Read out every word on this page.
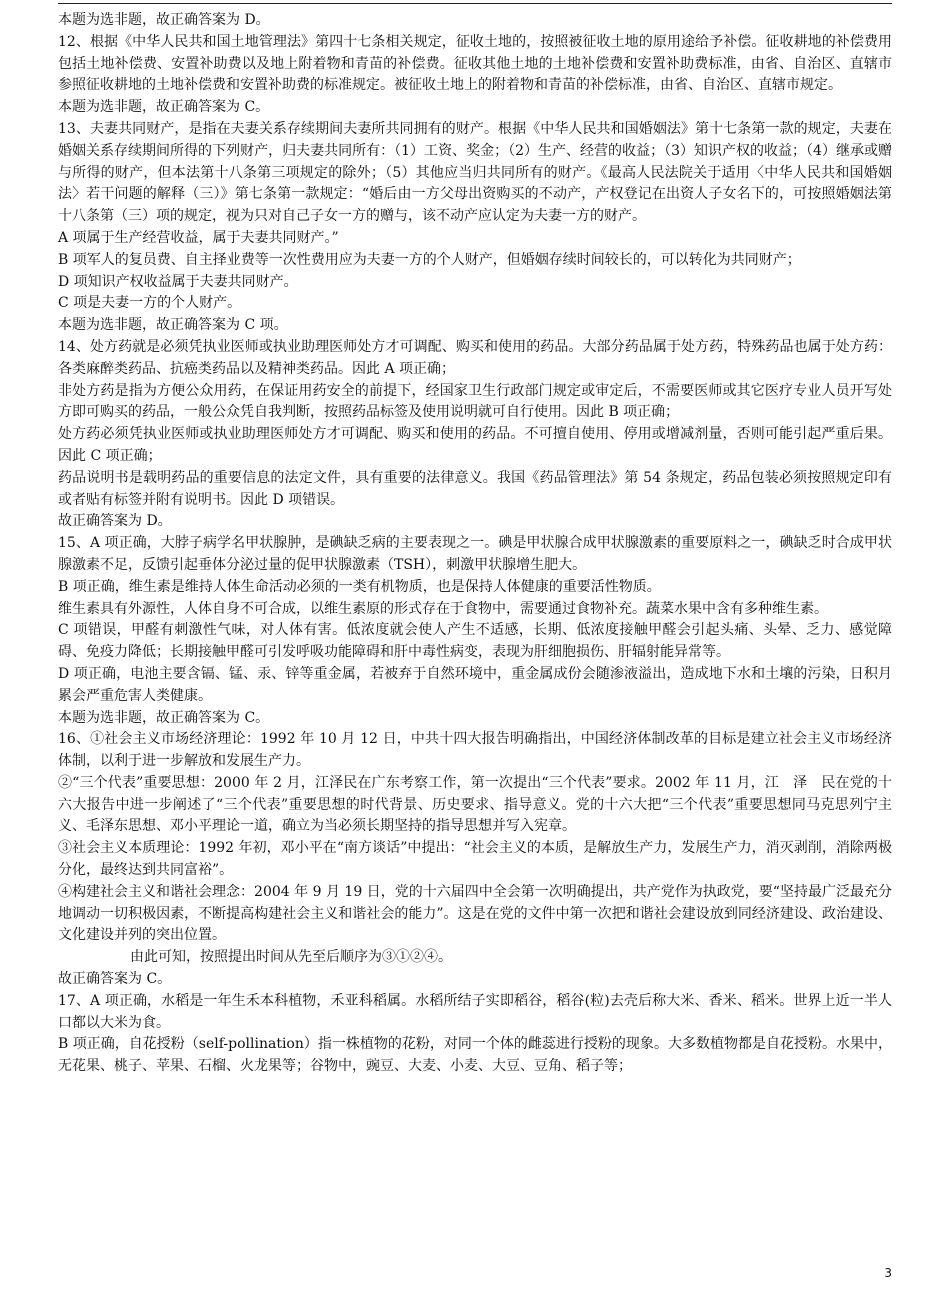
本题为选非题，故正确答案为 D。

12、根据《中华人民共和国土地管理法》第四十七条相关规定，征收土地的，按照被征收土地的原用途给予补偿。征收耕地的补偿费用包括土地补偿费、安置补助费以及地上附着物和青苗的补偿费。征收其他土地的土地补偿费和安置补助费标准，由省、自治区、直辖市参照征收耕地的土地补偿费和安置补助费的标准规定。被征收土地上的附着物和青苗的补偿标准，由省、自治区、直辖市规定。

本题为选非题，故正确答案为 C。

13、夫妻共同财产，是指在夫妻关系存续期间夫妻所共同拥有的财产。根据《中华人民共和国婚姻法》第十七条第一款的规定，夫妻在婚姻关系存续期间所得的下列财产，归夫妻共同所有：（1）工资、奖金；（2）生产、经营的收益；（3）知识产权的收益；（4）继承或赠与所得的财产，但本法第十八条第三项规定的除外；（5）其他应当归共同所有的财产。《最高人民法院关于适用〈中华人民共和国婚姻法〉若干问题的解释（三）》第七条第一款规定：“婚后由一方父母出资购买的不动产，产权登记在出资人子女名下的，可按照婚姻法第十八条第（三）项的规定，视为只对自己子女一方的赠与，该不动产应认定为夫妻一方的财产。

A 项属于生产经营收益，属于夫妻共同财产。”

B 项军人的复员费、自主择业费等一次性费用应为夫妻一方的个人财产，但婚姻存续时间较长的，可以转化为共同财产；

D 项知识产权收益属于夫妻共同财产。

C 项是夫妻一方的个人财产。

本题为选非题，故正确答案为 C 项。

14、处方药就是必须凭执业医师或执业助理医师处方才可调配、购买和使用的药品。大部分药品属于处方药，特殊药品也属于处方药：各类麻醉类药品、抗癌类药品以及精神类药品。因此 A 项正确；

非处方药是指为方便公众用药，在保证用药安全的前提下，经国家卫生行政部门规定或审定后，不需要医师或其它医疗专业人员开写处方即可购买的药品，一般公众凭自我判断，按照药品标签及使用说明就可自行使用。因此 B 项正确；

处方药必须凭执业医师或执业助理医师处方才可调配、购买和使用的药品。不可擅自使用、停用或增减剂量，否则可能引起严重后果。因此 C 项正确；

药品说明书是载明药品的重要信息的法定文件，具有重要的法律意义。我国《药品管理法》第 54 条规定，药品包装必须按照规定印有或者贴有标签并附有说明书。因此 D 项错误。

故正确答案为 D。

15、A 项正确，大脖子病学名甲状腺肿，是碘缺乏病的主要表现之一。碘是甲状腺合成甲状腺激素的重要原料之一，碘缺乏时合成甲状腺激素不足，反馈引起垂体分泌过量的促甲状腺激素（TSH），刺激甲状腺增生肥大。

B 项正确，维生素是维持人体生命活动必须的一类有机物质，也是保持人体健康的重要活性物质。

维生素具有外源性，人体自身不可合成，以维生素原的形式存在于食物中，需要通过食物补充。蔬菜水果中含有多种维生素。

C 项错误，甲醛有刺激性气味，对人体有害。低浓度就会使人产生不适感，长期、低浓度接触甲醛会引起头痛、头晕、乏力、感觉障碍、免疫力降低；长期接触甲醛可引发呼吸功能障碍和肝中毒性病变，表现为肝细胞损伤、肝辐射能异常等。

D 项正确，电池主要含镉、锰、汞、锌等重金属，若被弃于自然环境中，重金属成份会随渗液溢出，造成地下水和土壤的污染，日积月累会严重危害人类健康。

本题为选非题，故正确答案为 C。

16、①社会主义市场经济理论：1992 年 10 月 12 日，中共十四大报告明确指出，中国经济体制改革的目标是建立社会主义市场经济体制，以利于进一步解放和发展生产力。

②“三个代表”重要思想：2000 年 2 月，江泽民在广东考察工作，第一次提出“三个代表”要求。2002 年 11 月，江　泽　民在党的十六大报告中进一步阐述了“三个代表”重要思想的时代背景、历史要求、指导意义。党的十六大把“三个代表”重要思想同马克思列宁主义、毛泽东思想、邓小平理论一道，确立为当必须长期坚持的指导思想并写入宪章。

③社会主义本质理论：1992 年初，邓小平在“南方谈话”中提出：“社会主义的本质，是解放生产力，发展生产力，消灭剥削，消除两极分化，最终达到共同富裕”。

④构建社会主义和谐社会理念：2004 年 9 月 19 日，党的十六届四中全会第一次明确提出，共产党作为执政党，要“坚持最广泛最充分地调动一切积极因素，不断提高构建社会主义和谐社会的能力”。这是在党的文件中第一次把和谐社会建设放到同经济建设、政治建设、文化建设并列的突出位置。

由此可知，按照提出时间从先至后顺序为③①②④。

故正确答案为 C。

17、A 项正确，水稻是一年生禾本科植物，禾亚科稻属。水稻所结子实即稻谷，稻谷(粒)去壳后称大米、香米、稻米。世界上近一半人口都以大米为食。

B 项正确，自花授粉（self-pollination）指一株植物的花粉，对同一个体的雌蕊进行授粉的现象。大多数植物都是自花授粉。水果中，无花果、桃子、苹果、石榴、火龙果等；谷物中，豌豆、大麦、小麦、大豆、豆角、稻子等；

3
